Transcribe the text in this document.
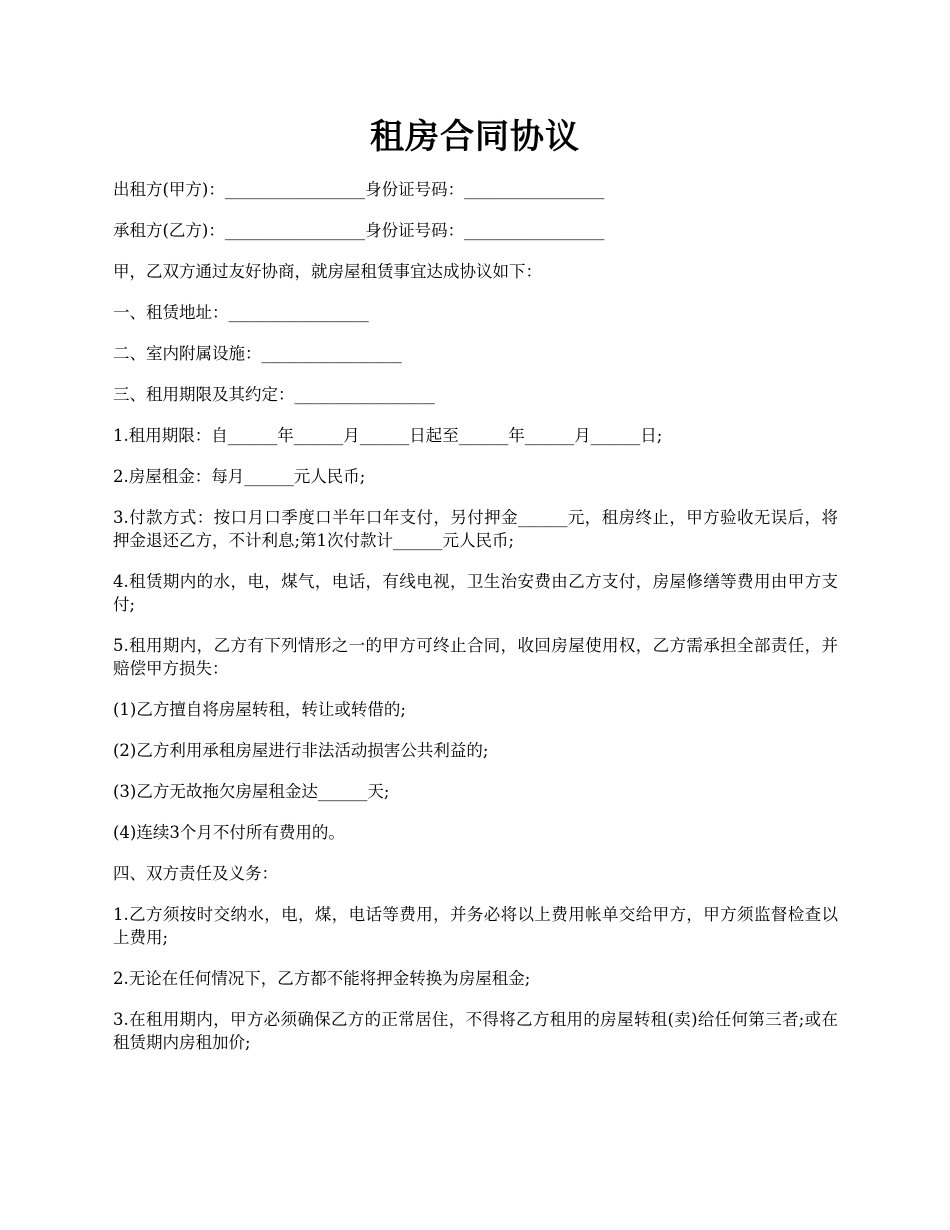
租房合同协议

出租方(甲方)：_________________身份证号码：_________________

承租方(乙方)：_________________身份证号码：_________________

甲，乙双方通过友好协商，就房屋租赁事宜达成协议如下：

一、租赁地址：_________________

二、室内附属设施：_________________

三、租用期限及其约定：_________________

1.租用期限：自______年______月______日起至______年______月______日;

2.房屋租金：每月______元人民币;

3.付款方式：按口月口季度口半年口年支付，另付押金______元，租房终止，甲方验收无误后，将押金退还乙方，不计利息;第1次付款计______元人民币;

4.租赁期内的水，电，煤气，电话，有线电视，卫生治安费由乙方支付，房屋修缮等费用由甲方支付;

5.租用期内，乙方有下列情形之一的甲方可终止合同，收回房屋使用权，乙方需承担全部责任，并赔偿甲方损失：

(1)乙方擅自将房屋转租，转让或转借的;

(2)乙方利用承租房屋进行非法活动损害公共利益的;

(3)乙方无故拖欠房屋租金达______天;

(4)连续3个月不付所有费用的。

四、双方责任及义务：

1.乙方须按时交纳水，电，煤，电话等费用，并务必将以上费用帐单交给甲方，甲方须监督检查以上费用;

2.无论在任何情况下，乙方都不能将押金转换为房屋租金;

3.在租用期内，甲方必须确保乙方的正常居住，不得将乙方租用的房屋转租(卖)给任何第三者;或在租赁期内房租加价;
